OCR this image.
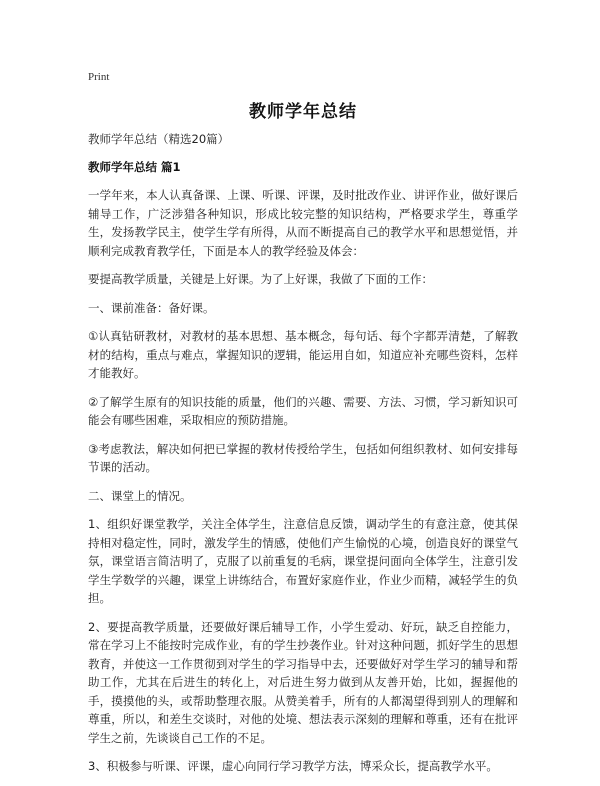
Print
教师学年总结
教师学年总结（精选20篇）
教师学年总结 篇1

一学年来，本人认真备课、上课、听课、评课，及时批改作业、讲评作业，做好课后辅导工作，广泛涉猎各种知识，形成比较完整的知识结构，严格要求学生，尊重学生，发扬教学民主，使学生学有所得，从而不断提高自己的教学水平和思想觉悟，并顺利完成教育教学任，下面是本人的教学经验及体会：

要提高教学质量，关键是上好课。为了上好课，我做了下面的工作：

一、课前准备：备好课。

①认真钻研教材，对教材的基本思想、基本概念，每句话、每个字都弄清楚，了解教材的结构，重点与难点，掌握知识的逻辑，能运用自如，知道应补充哪些资料，怎样才能教好。

②了解学生原有的知识技能的质量，他们的兴趣、需要、方法、习惯，学习新知识可能会有哪些困难，采取相应的预防措施。

③考虑教法，解决如何把已掌握的教材传授给学生，包括如何组织教材、如何安排每节课的活动。

二、课堂上的情况。

1、组织好课堂教学，关注全体学生，注意信息反馈，调动学生的有意注意，使其保持相对稳定性，同时，激发学生的情感，使他们产生愉悦的心境，创造良好的课堂气氛，课堂语言简洁明了，克服了以前重复的毛病，课堂提问面向全体学生，注意引发学生学数学的兴趣，课堂上讲练结合，布置好家庭作业，作业少而精，减轻学生的负担。

2、要提高教学质量，还要做好课后辅导工作，小学生爱动、好玩，缺乏自控能力，常在学习上不能按时完成作业，有的学生抄袭作业。针对这种问题，抓好学生的思想教育，并使这一工作贯彻到对学生的学习指导中去，还要做好对学生学习的辅导和帮助工作，尤其在后进生的转化上，对后进生努力做到从友善开始，比如，握握他的手，摸摸他的头，或帮助整理衣服。从赞美着手，所有的人都渴望得到别人的理解和尊重，所以，和差生交谈时，对他的处境、想法表示深刻的理解和尊重，还有在批评学生之前，先谈谈自己工作的不足。

3、积极参与听课、评课，虚心向同行学习教学方法，博采众长，提高教学水平。
